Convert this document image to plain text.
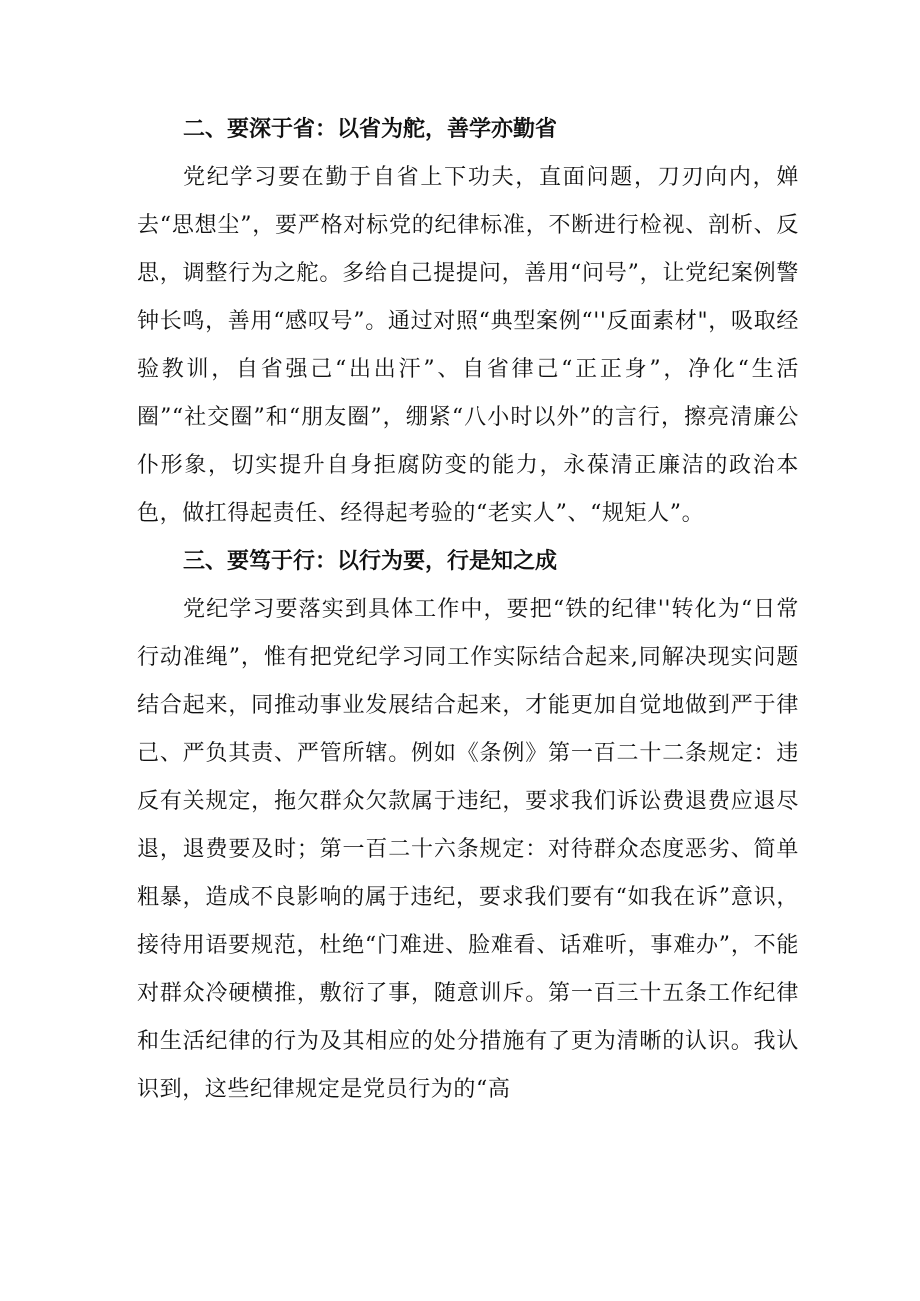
二、要深于省：以省为舵，善学亦勤省

党纪学习要在勤于自省上下功夫，直面问题，刀刃向内，婵去“思想尘”，要严格对标党的纪律标准，不断进行检视、剖析、反思，调整行为之舵。多给自己提提问，善用“问号”，让党纪案例警钟长鸣，善用“感叹号”。通过对照“典型案例“''反面素材"，吸取经验教训，自省强己“出出汗”、自省律己“正正身”，净化“生活圈”“社交圈”和“朋友圈”，绷紧“八小时以外”的言行，擦亮清廉公仆形象，切实提升自身拒腐防变的能力，永葆清正廉洁的政治本色，做扛得起责任、经得起考验的“老实人”、“规矩人”。

三、要笃于行：以行为要，行是知之成

党纪学习要落实到具体工作中，要把“铁的纪律''转化为“日常行动准绳”，惟有把党纪学习同工作实际结合起来,同解决现实问题结合起来，同推动事业发展结合起来，才能更加自觉地做到严于律己、严负其责、严管所辖。例如《条例》第一百二十二条规定：违反有关规定，拖欠群众欠款属于违纪，要求我们诉讼费退费应退尽退，退费要及时；第一百二十六条规定：对待群众态度恶劣、简单粗暴，造成不良影响的属于违纪，要求我们要有“如我在诉”意识，接待用语要规范，杜绝“门难进、脸难看、话难听，事难办”，不能对群众冷硬横推，敷衍了事，随意训斥。第一百三十五条工作纪律和生活纪律的行为及其相应的处分措施有了更为清晰的认识。我认识到，这些纪律规定是党员行为的“高
